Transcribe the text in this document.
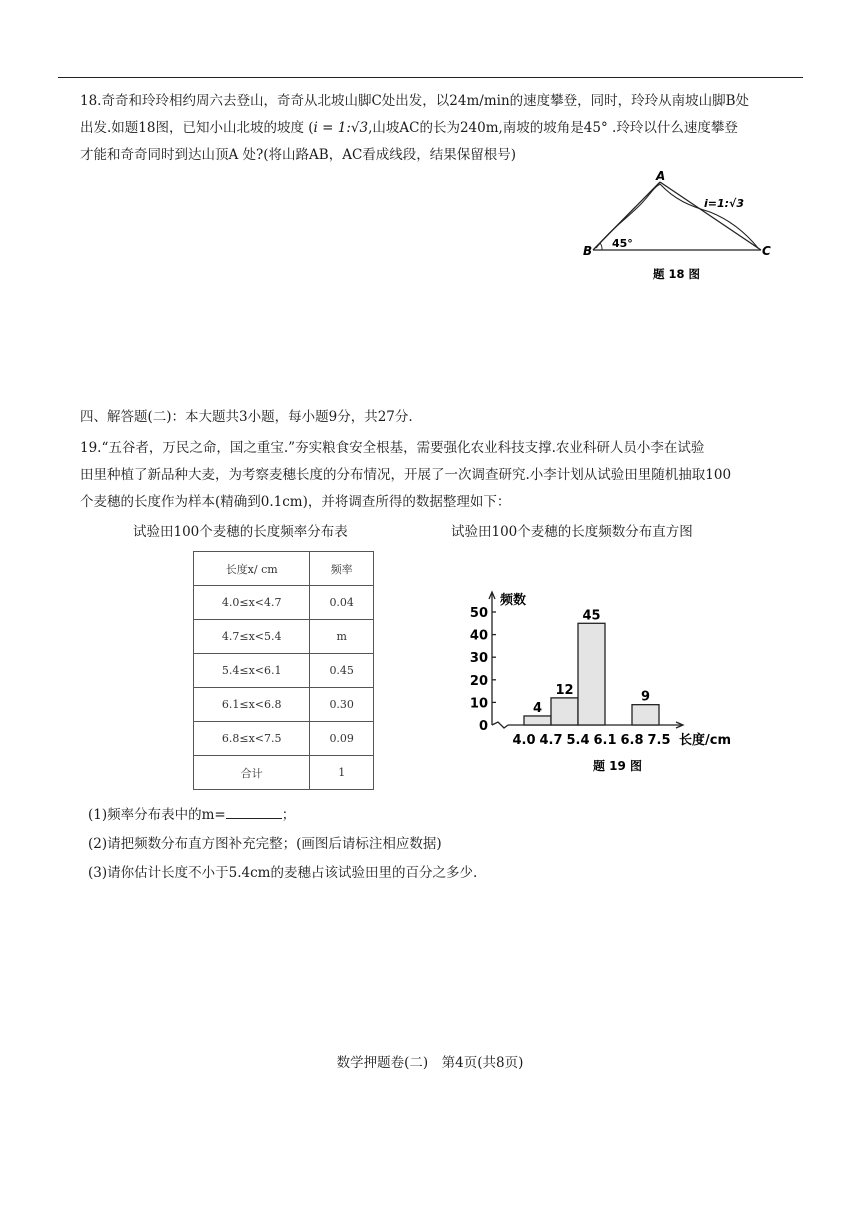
18.奇奇和玲玲相约周六去登山，奇奇从北坡山脚C处出发，以24m/min的速度攀登，同时，玲玲从南坡山脚B处

出发.如题18图，已知小山北坡的坡度 (i = 1:√3,山坡AC的长为240m,南坡的坡角是45° .玲玲以什么速度攀登

才能和奇奇同时到达山顶A 处?(将山路AB，AC看成线段，结果保留根号)

A
B	C
45°
i=1:√3
题 18 图

四、解答题(二)：本大题共3小题，每小题9分，共27分.

19.“五谷者，万民之命，国之重宝.”夯实粮食安全根基，需要强化农业科技支撑.农业科研人员小李在试验

田里种植了新品种大麦，为考察麦穗长度的分布情况，开展了一次调查研究.小李计划从试验田里随机抽取100

个麦穗的长度作为样本(精确到0.1cm)，并将调查所得的数据整理如下：

试验田100个麦穗的长度频率分布表	试验田100个麦穗的长度频数分布直方图
长度x/ cm	频率
4.0≤x<4.7	0.04
4.7≤x<5.4	m
5.4≤x<6.1	0.45
6.1≤x<6.8	0.30
6.8≤x<7.5	0.09
合计	1
0
10
20
30
40
50
4.0 4.7 5.4 6.1 6.8 7.5
4
12
45
9
频数
长度/cm
题 19 图

(1)频率分布表中的m=	；

(2)请把频数分布直方图补充完整；(画图后请标注相应数据)

(3)请你估计长度不小于5.4cm的麦穗占该试验田里的百分之多少.

数学押题卷(二)　第4页(共8页)
